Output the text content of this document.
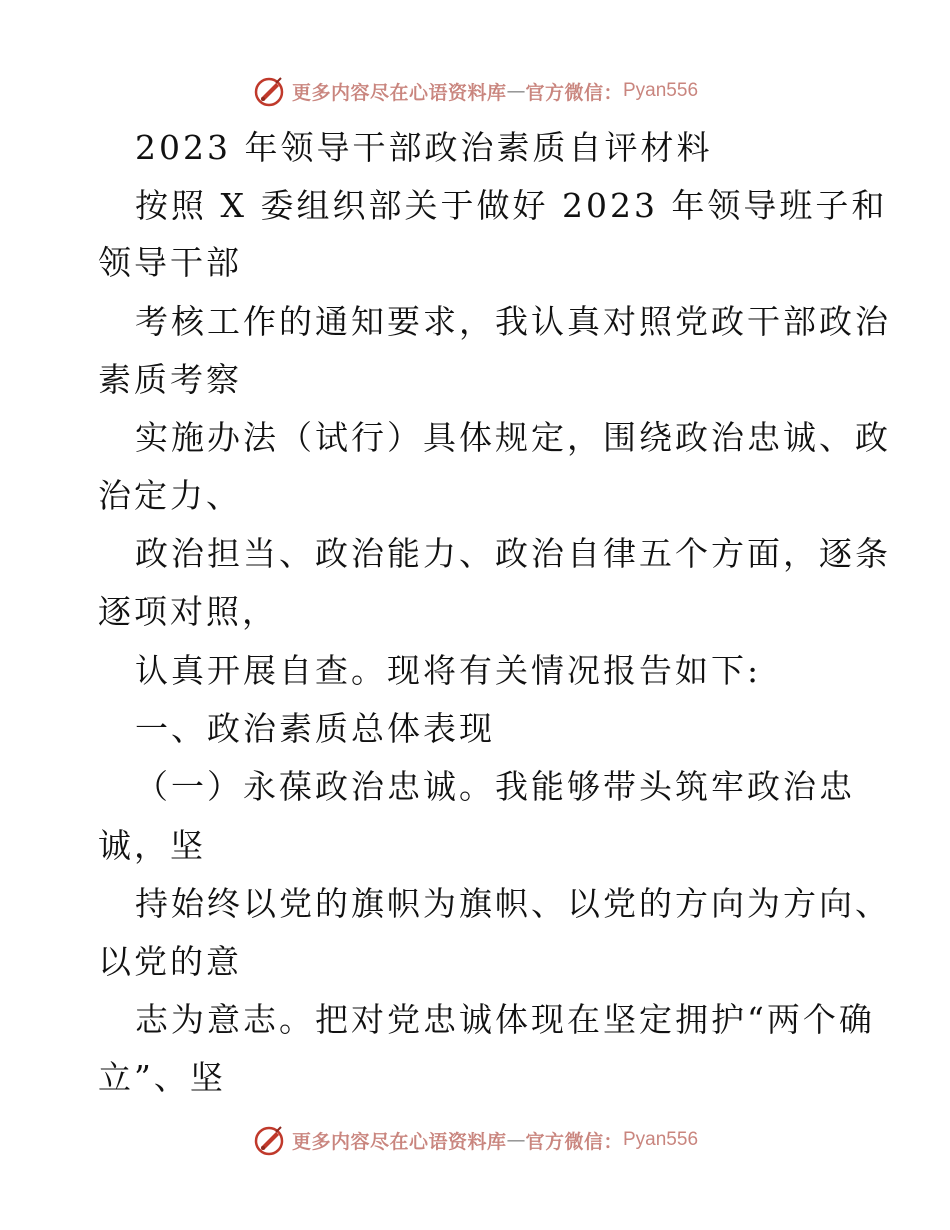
更多内容尽在心语资料库 — 官方微信： Pyan556
2023 年领导干部政治素质自评材料
按照 X 委组织部关于做好 2023 年领导班子和
领导干部
考核工作的通知要求，我认真对照党政干部政治
素质考察
实施办法（试行）具体规定，围绕政治忠诚、政
治定力、
政治担当、政治能力、政治自律五个方面，逐条
逐项对照，
认真开展自查。现将有关情况报告如下:
一、政治素质总体表现
（一）永葆政治忠诚。我能够带头筑牢政治忠
诚，坚
持始终以党的旗帜为旗帜、以党的方向为方向、
以党的意
志为意志。把对党忠诚体现在坚定拥护“两个确
立”、坚
更多内容尽在心语资料库 — 官方微信： Pyan556
